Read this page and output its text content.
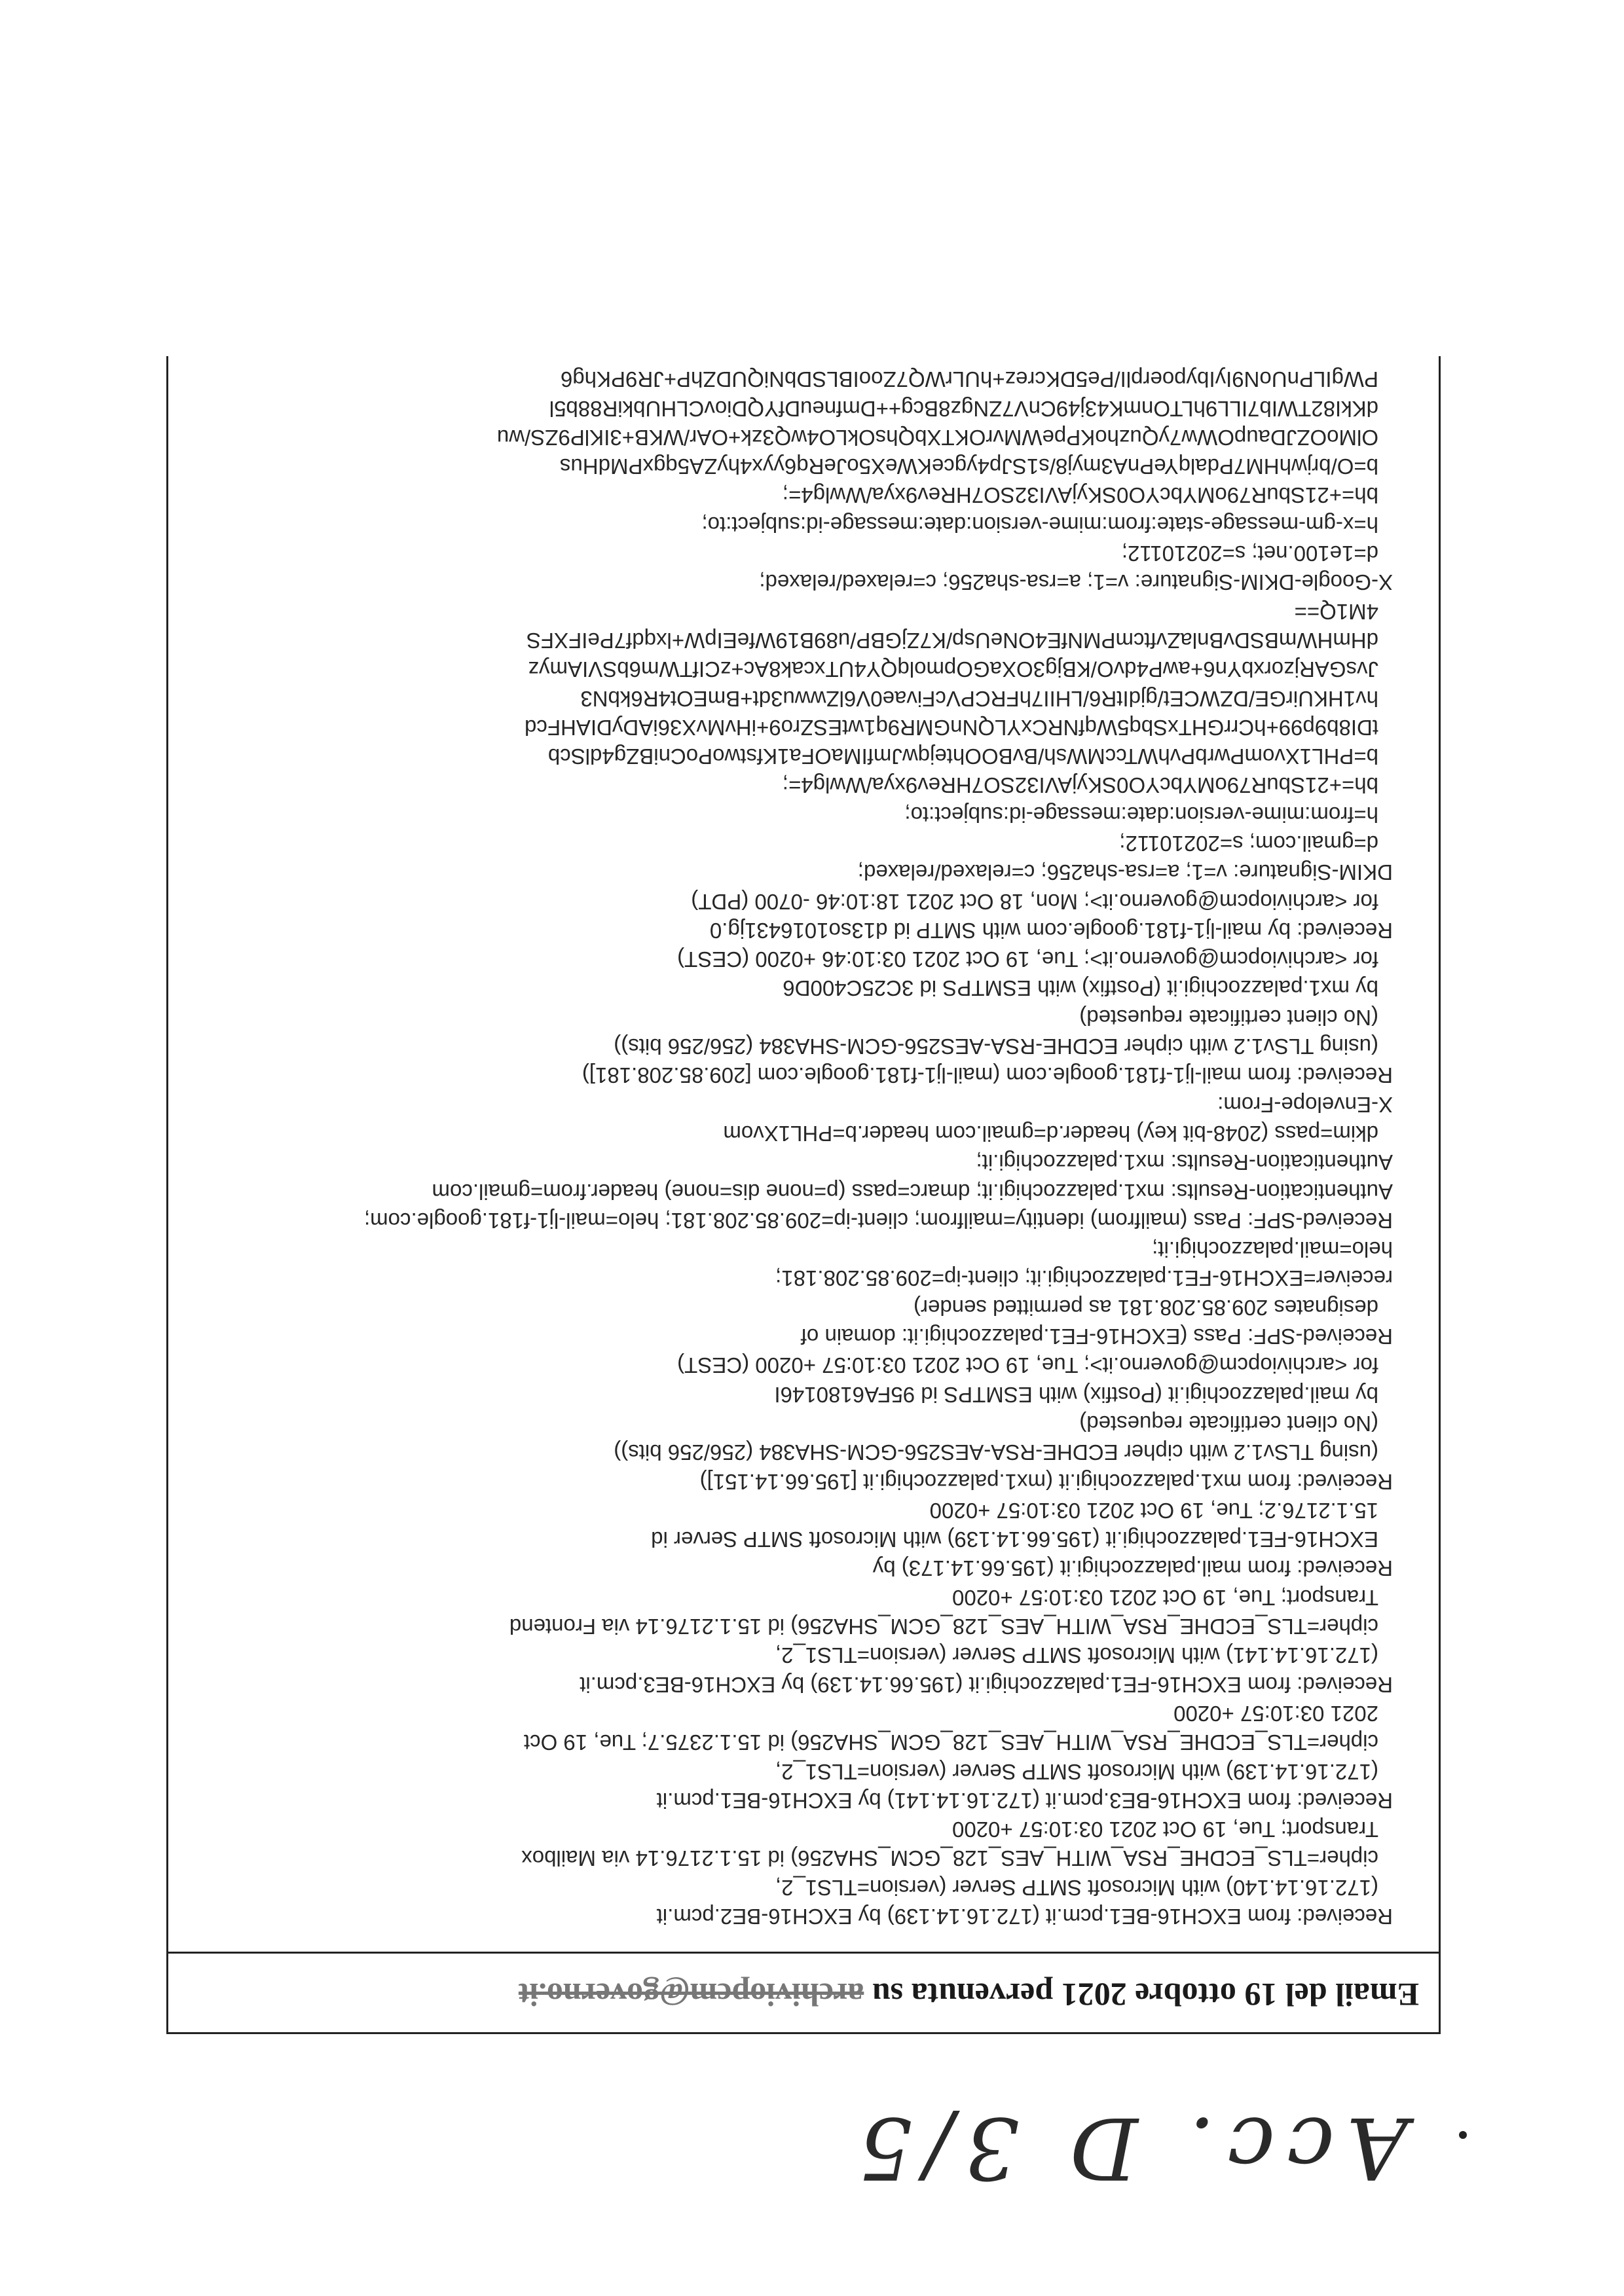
Acc. D 3/5
Email del 19 ottobre 2021 pervenuta su archiviopcm@governo.it
Received: from EXCH16-BE1.pcm.it (172.16.14.139) by EXCH16-BE2.pcm.it
(172.16.14.140) with Microsoft SMTP Server (version=TLS1_2,
cipher=TLS_ECDHE_RSA_WITH_AES_128_GCM_SHA256) id 15.1.2176.14 via Mailbox
Transport; Tue, 19 Oct 2021 03:10:57 +0200
Received: from EXCH16-BE3.pcm.it (172.16.14.141) by EXCH16-BE1.pcm.it
(172.16.14.139) with Microsoft SMTP Server (version=TLS1_2,
cipher=TLS_ECDHE_RSA_WITH_AES_128_GCM_SHA256) id 15.1.2375.7; Tue, 19 Oct
2021 03:10:57 +0200
Received: from EXCH16-FE1.palazzochigi.it (195.66.14.139) by EXCH16-BE3.pcm.it
(172.16.14.141) with Microsoft SMTP Server (version=TLS1_2,
cipher=TLS_ECDHE_RSA_WITH_AES_128_GCM_SHA256) id 15.1.2176.14 via Frontend
Transport; Tue, 19 Oct 2021 03:10:57 +0200
Received: from mail.palazzochigi.it (195.66.14.173) by
EXCH16-FE1.palazzochigi.it (195.66.14.139) with Microsoft SMTP Server id
15.1.2176.2; Tue, 19 Oct 2021 03:10:57 +0200
Received: from mx1.palazzochigi.it (mx1.palazzochigi.it [195.66.14.151])
(using TLSv1.2 with cipher ECDHE-RSA-AES256-GCM-SHA384 (256/256 bits))
(No client certificate requested)
by mail.palazzochigi.it (Postfix) with ESMTPS id 95FA6180146I
for <archiviopcm@governo.it>; Tue, 19 Oct 2021 03:10:57 +0200 (CEST)
Received-SPF: Pass (EXCH16-FE1.palazzochigi.it: domain of
designates 209.85.208.181 as permitted sender)
receiver=EXCH16-FE1.palazzochigi.it; client-ip=209.85.208.181;
helo=mail.palazzochigi.it;
Received-SPF: Pass (mailfrom) identity=mailfrom; client-ip=209.85.208.181; helo=mail-lj1-f181.google.com;
Authentication-Results: mx1.palazzochigi.it; dmarc=pass (p=none dis=none) header.from=gmail.com
Authentication-Results: mx1.palazzochigi.it;
dkim=pass (2048-bit key) header.d=gmail.com header.b=PHL1Xvom
X-Envelope-From:
Received: from mail-lj1-f181.google.com (mail-lj1-f181.google.com [209.85.208.181])
(using TLSv1.2 with cipher ECDHE-RSA-AES256-GCM-SHA384 (256/256 bits))
(No client certificate requested)
by mx1.palazzochigi.it (Postfix) with ESMTPS id 3C25C400D6
for <archiviopcm@governo.it>; Tue, 19 Oct 2021 03:10:46 +0200 (CEST)
Received: by mail-lj1-f181.google.com with SMTP id d13so1016431jg.0
for <archiviopcm@governo.it>; Mon, 18 Oct 2021 18:10:46 -0700 (PDT)
DKIM-Signature: v=1; a=rsa-sha256; c=relaxed/relaxed;
d=gmail.com; s=20210112;
h=from:mime-version:date:message-id:subject:to;
bh=+21SbuR79oMYbcYO0SKyjAVI32SO7HRev9xya/Wwlg4=;
b=PHL1XvomPwrbPvhWTccMWsh/BvBOOhtejqwJmfIMaOFa1KfstwoPoCniBZg4dlScb
tDI8b9p99+hCrrGHTxSbq5WqfNRCxYLQNnGMR9q1wtESZro9+iHvMvX36iADyDIAHFcd
hv1HKUirGE/DZWCEt/gjdItR6/LHII7hFRCPVcFivae0V6lZwwu3dt+BmEOt4R6kbN3
JvsGARjzorxbYn6+awP4dvO/KBjg3OXaGOpmolqQY4UTxcak8Ac+zCIfTWm6bSVIAmyz
dHmHWmBSDvBnlaZvftcmPMNfE4ONeUsp/K7ZjGBP/u89B19WfeEIpW+lxqdf7PeIFXFS
4M1Q==
X-Google-DKIM-Signature: v=1; a=rsa-sha256; c=relaxed/relaxed;
d=1e100.net; s=20210112;
h=x-gm-message-state:from:mime-version:date:message-id:subject:to;
bh=+21SbuR79oMYbcYO0SKyjAVI32SO7HRev9xya/Wwlg4=;
b=O/brjwhHM7PdalqYePnA3myj8/s1SJp4ygceKWeX5oJeRq6yyx4hyZA5qgxPMdHus
OlMoOZJDaupOWw7yQuzhoKPpeWMvrOKTXbQhsOkLO4wQ3zk+OAr/WKB+3IKlP9ZS/wu
dKkI82TWIb7ILL9hLTOnmK43j49CnV7ZNgz8Bcg++DmfneuDfYQDiovCLHUbkiR88b5l
PWgILPnUoN9IyIbypoerplI/Pe5DKcrez+hULrWQ7ZooIBLSDbNiQUDZhP+JR9PKhg6
